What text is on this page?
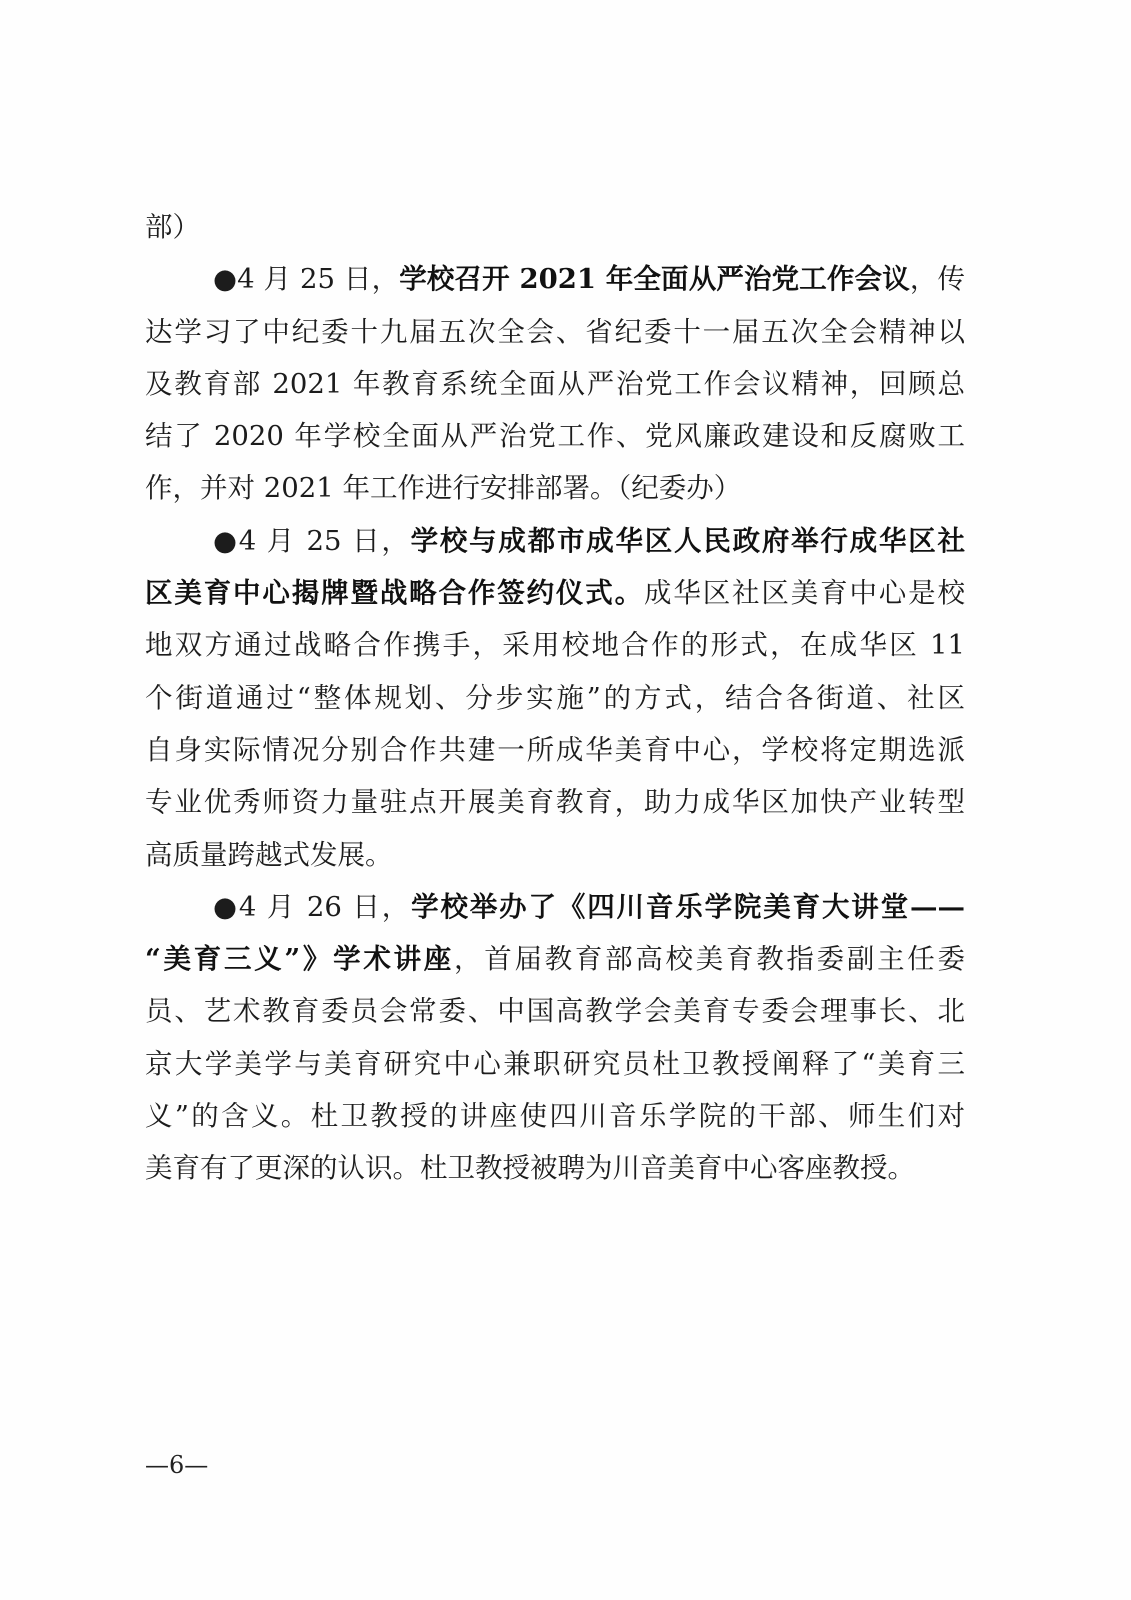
部）
●4 月 25 日，学校召开 2021 年全面从严治党工作会议，传
达学习了中纪委十九届五次全会、省纪委十一届五次全会精神以
及教育部 2021 年教育系统全面从严治党工作会议精神，回顾总
结了 2020 年学校全面从严治党工作、党风廉政建设和反腐败工
作，并对 2021 年工作进行安排部署。（纪委办）
●4 月 25 日，学校与成都市成华区人民政府举行成华区社
区美育中心揭牌暨战略合作签约仪式。成华区社区美育中心是校
地双方通过战略合作携手，采用校地合作的形式，在成华区 11
个街道通过“整体规划、分步实施”的方式，结合各街道、社区
自身实际情况分别合作共建一所成华美育中心，学校将定期选派
专业优秀师资力量驻点开展美育教育，助力成华区加快产业转型
高质量跨越式发展。
●4 月 26 日，学校举办了《四川音乐学院美育大讲堂——
“美育三义”》学术讲座，首届教育部高校美育教指委副主任委
员、艺术教育委员会常委、中国高教学会美育专委会理事长、北
京大学美学与美育研究中心兼职研究员杜卫教授阐释了“美育三
义”的含义。杜卫教授的讲座使四川音乐学院的干部、师生们对
美育有了更深的认识。杜卫教授被聘为川音美育中心客座教授。
—6—
